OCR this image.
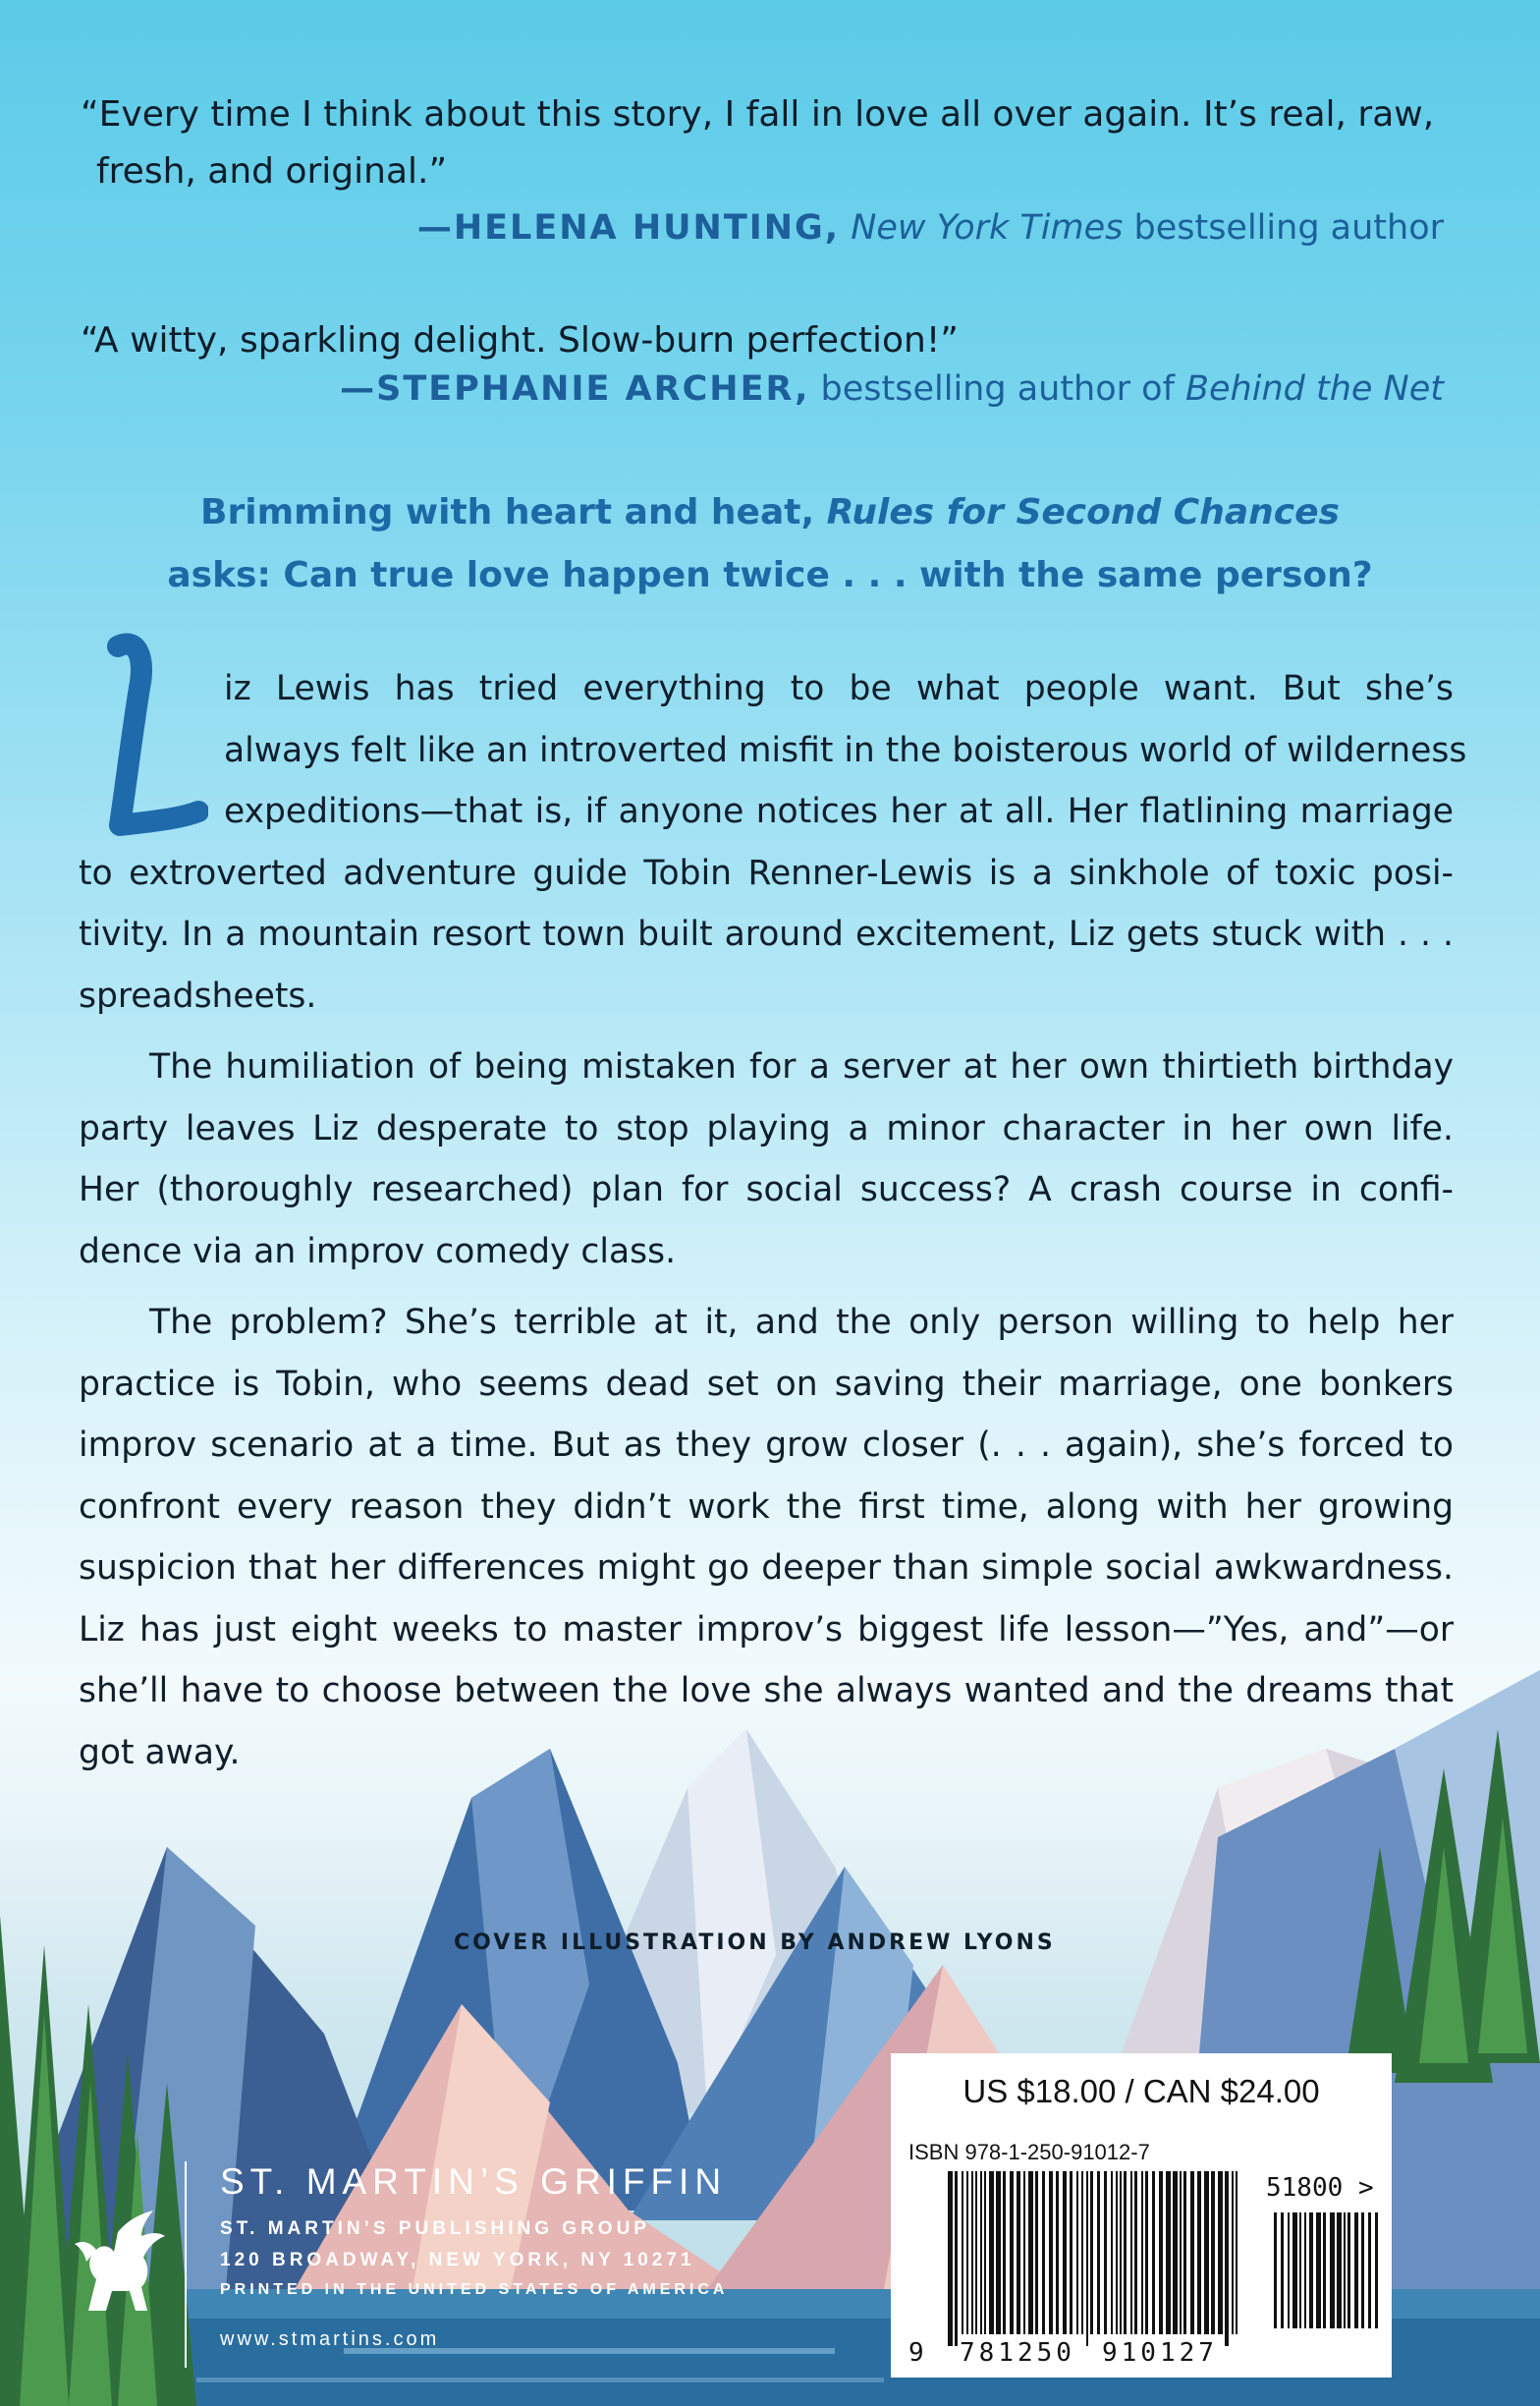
“Every time I think about this story, I fall in love all over again. It’s real, raw,
fresh, and original.”
—HELENA HUNTING, New York Times bestselling author
“A witty, sparkling delight. Slow-burn perfection!”
—STEPHANIE ARCHER, bestselling author of Behind the Net
Brimming with heart and heat, Rules for Second Chances
asks: Can true love happen twice . . . with the same person?
L
iz Lewis has tried everything to be what people want. But she’s
always felt like an introverted misfit in the boisterous world of wilderness
expeditions—that is, if anyone notices her at all. Her flatlining marriage
to extroverted adventure guide Tobin Renner-Lewis is a sinkhole of toxic posi-
tivity. In a mountain resort town built around excitement, Liz gets stuck with . . .
spreadsheets.
The humiliation of being mistaken for a server at her own thirtieth birthday
party leaves Liz desperate to stop playing a minor character in her own life.
Her (thoroughly researched) plan for social success? A crash course in confi-
dence via an improv comedy class.
The problem? She’s terrible at it, and the only person willing to help her
practice is Tobin, who seems dead set on saving their marriage, one bonkers
improv scenario at a time. But as they grow closer (. . . again), she’s forced to
confront every reason they didn’t work the first time, along with her growing
suspicion that her differences might go deeper than simple social awkwardness.
Liz has just eight weeks to master improv’s biggest life lesson—”Yes, and”—or
she’ll have to choose between the love she always wanted and the dreams that
got away.
COVER ILLUSTRATION BY ANDREW LYONS
ST. MARTIN’S GRIFFIN
ST. MARTIN’S PUBLISHING GROUP
120 BROADWAY, NEW YORK, NY 10271
PRINTED IN THE UNITED STATES OF AMERICA
www.stmartins.com
US $18.00 / CAN $24.00
ISBN 978-1-250-91012-7
51800 >
9 781250 910127
